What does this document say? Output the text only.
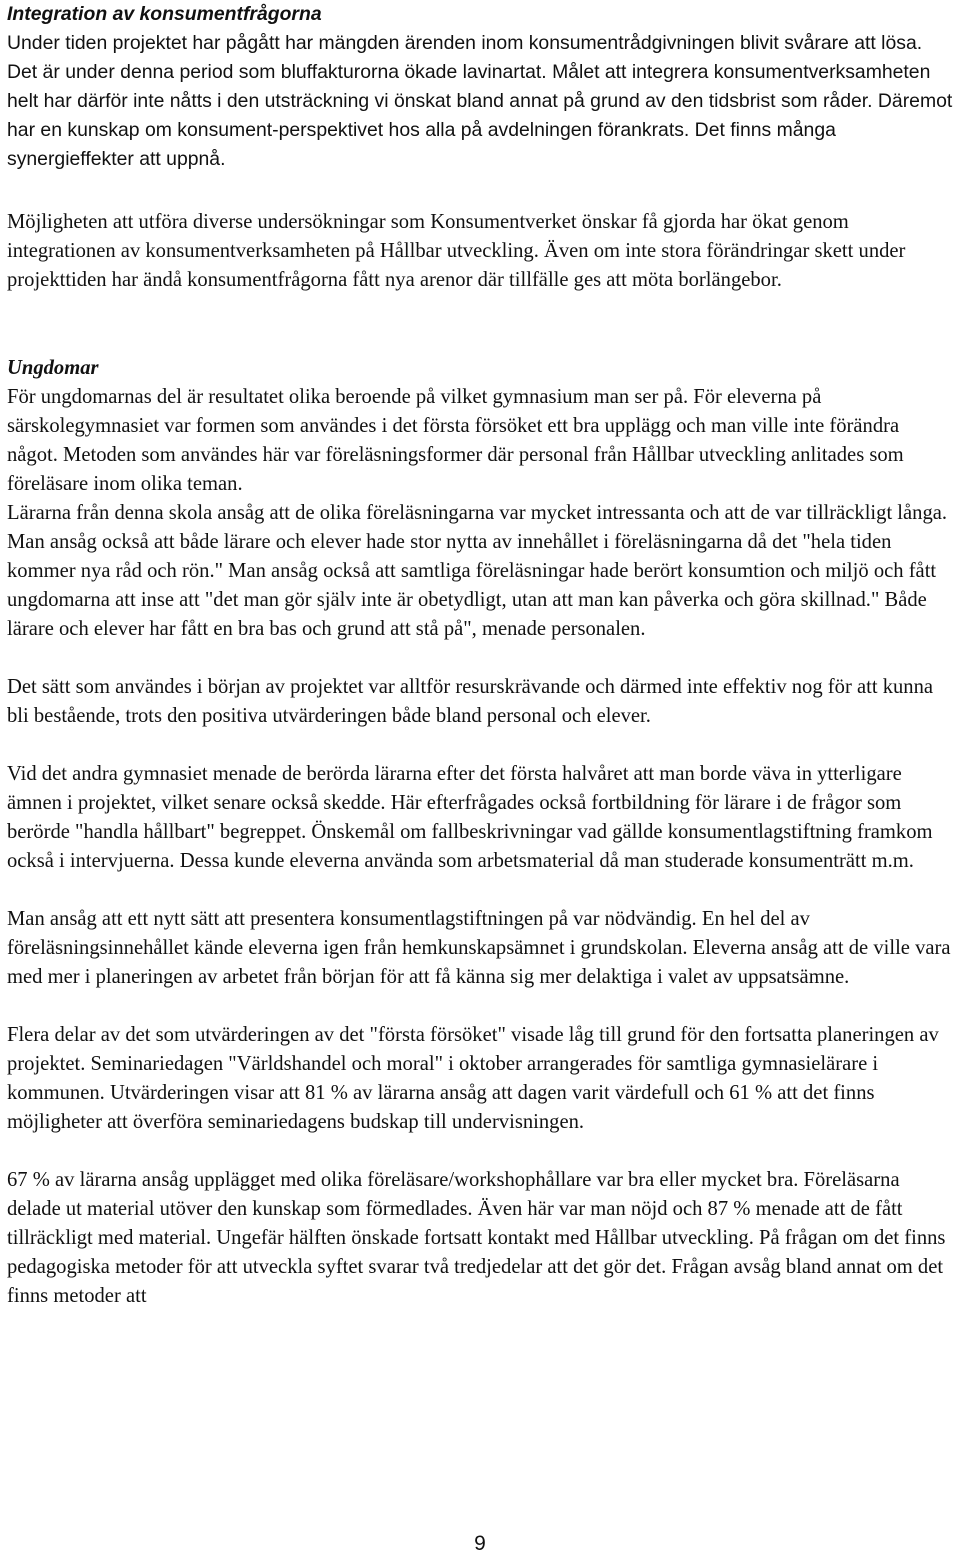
Integration av konsumentfrågorna

Under tiden projektet har pågått har mängden ärenden inom konsumentrådgivningen blivit svårare att lösa. Det är under denna period som bluffakturorna ökade lavinartat. Målet att integrera konsumentverksamheten helt har därför inte nåtts i den utsträckning vi önskat bland annat på grund av den tidsbrist som råder. Däremot har en kunskap om konsument-perspektivet hos alla på avdelningen förankrats. Det finns många synergieffekter att uppnå.

Möjligheten att utföra diverse undersökningar som Konsumentverket önskar få gjorda har ökat genom integrationen av konsumentverksamheten på Hållbar utveckling. Även om inte stora förändringar skett under projekttiden har ändå konsumentfrågorna fått nya arenor där tillfälle ges att möta borlängebor.

Ungdomar

För ungdomarnas del är resultatet olika beroende på vilket gymnasium man ser på. För eleverna på särskolegymnasiet var formen som användes i det första försöket ett bra upplägg och man ville inte förändra något. Metoden som användes här var föreläsningsformer där personal från Hållbar utveckling anlitades som föreläsare inom olika teman.

Lärarna från denna skola ansåg att de olika föreläsningarna var mycket intressanta och att de var tillräckligt långa. Man ansåg också att både lärare och elever hade stor nytta av innehållet i föreläsningarna då det "hela tiden kommer nya råd och rön." Man ansåg också att samtliga föreläsningar hade berört konsumtion och miljö och fått ungdomarna att inse att "det man gör själv inte är obetydligt, utan att man kan påverka och göra skillnad." Både lärare och elever har fått en bra bas och grund att stå på", menade personalen.

Det sätt som användes i början av projektet var alltför resurskrävande och därmed inte effektiv nog för att kunna bli bestående, trots den positiva utvärderingen både bland personal och elever.

Vid det andra gymnasiet menade de berörda lärarna efter det första halvåret att man borde väva in ytterligare ämnen i projektet, vilket senare också skedde. Här efterfrågades också fortbildning för lärare i de frågor som berörde "handla hållbart" begreppet. Önskemål om fallbeskrivningar vad gällde konsumentlagstiftning framkom också i intervjuerna. Dessa kunde eleverna använda som arbetsmaterial då man studerade konsumenträtt m.m.

Man ansåg att ett nytt sätt att presentera konsumentlagstiftningen på var nödvändig. En hel del av föreläsningsinnehållet kände eleverna igen från hemkunskapsämnet i grundskolan. Eleverna ansåg att de ville vara med mer i planeringen av arbetet från början för att få känna sig mer delaktiga i valet av uppsatsämne.

Flera delar av det som utvärderingen av det "första försöket" visade låg till grund för den fortsatta planeringen av projektet. Seminariedagen "Världshandel och moral" i oktober arrangerades för samtliga gymnasielärare i kommunen. Utvärderingen visar att 81 % av lärarna ansåg att dagen varit värdefull och 61 % att det finns möjligheter att överföra seminariedagens budskap till undervisningen.

67 % av lärarna ansåg upplägget med olika föreläsare/workshophållare var bra eller mycket bra. Föreläsarna delade ut material utöver den kunskap som förmedlades. Även här var man nöjd och 87 % menade att de fått tillräckligt med material. Ungefär hälften önskade fortsatt kontakt med Hållbar utveckling. På frågan om det finns pedagogiska metoder för att utveckla syftet svarar två tredjedelar att det gör det. Frågan avsåg bland annat om det finns metoder att

9
